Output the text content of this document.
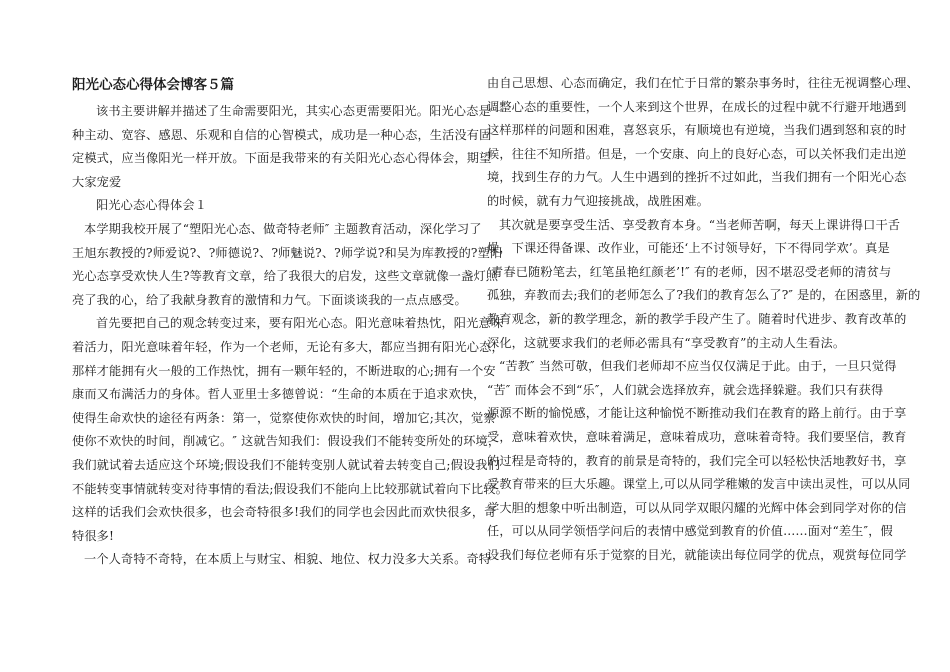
阳光心态心得体会博客５篇
该书主要讲解并描述了生命需要阳光，其实心态更需要阳光。阳光心态是一
种主动、宽容、感恩、乐观和自信的心智模式，成功是一种心态，生活没有固
定模式，应当像阳光一样开放。下面是我带来的有关阳光心态心得体会，期望
大家宠爱
阳光心态心得体会１
本学期我校开展了“塑阳光心态、做奇特老师″ 主题教育活动，深化学习了
王旭东教授的?师爱说?、?师德说?、?师魅说?、?师学说?和吴为库教授的?塑阳
光心态享受欢快人生?等教育文章，给了我很大的启发，这些文章就像一盏灯照
亮了我的心，给了我献身教育的激情和力气。下面谈谈我的一点点感受。
首先要把自己的观念转变过来，要有阳光心态。阳光意味着热忱，阳光意味
着活力，阳光意味着年轻，作为一个老师，无论有多大，都应当拥有阳光心态，
那样才能拥有火一般的工作热忱，拥有一颗年轻的，不断进取的心;拥有一个安
康而又布满活力的身体。哲人亚里士多德曾说：“生命的本质在于追求欢快，
使得生命欢快的途径有两条：第一，觉察使你欢快的时间，增加它;其次，觉察
使你不欢快的时间，削减它。″ 这就告知我们：假设我们不能转变所处的环境，
我们就试着去适应这个环境;假设我们不能转变别人就试着去转变自己;假设我们
不能转变事情就转变对待事情的看法;假设我们不能向上比较那就试着向下比较。
这样的话我们会欢快很多，也会奇特很多!我们的同学也会因此而欢快很多，奇
特很多!
一个人奇特不奇特，在本质上与财宝、相貌、地位、权力没多大关系。奇特
由自己思想、心态而确定，我们在忙于日常的繁杂事务时，往往无视调整心理、
调整心态的重要性，一个人来到这个世界，在成长的过程中就不行避开地遇到
这样那样的问题和困难，喜怒哀乐，有顺境也有逆境，当我们遇到怒和哀的时
候，往往不知所措。但是，一个安康、向上的良好心态，可以关怀我们走出逆
境，找到生存的力气。人生中遇到的挫折不过如此，当我们拥有一个阳光心态
的时候，就有力气迎接挑战，战胜困难。
其次就是要享受生活、享受教育本身。“当老师苦啊，每天上课讲得口干舌
燥，下课还得备课、改作业，可能还‘上不讨领导好，下不得同学欢’。真是
‘青春已随粉笔去，红笔虽艳红颜老’!″ 有的老师，因不堪忍受老师的清贫与
孤独，弃教而去;我们的老师怎么了?我们的教育怎么了?″ 是的，在困惑里，新的
教育观念，新的教学理念，新的教学手段产生了。随着时代进步、教育改革的
深化，这就要求我们的老师必需具有“享受教育”的主动人生看法。
“苦教″ 当然可敬，但我们老师却不应当仅仅满足于此。由于，一旦只觉得
“苦″ 而体会不到“乐″，人们就会选择放弃，就会选择躲避。我们只有获得
源源不断的愉悦感，才能让这种愉悦不断推动我们在教育的路上前行。由于享
受，意味着欢快，意味着满足，意味着成功，意味着奇特。我们要坚信，教育
的过程是奇特的，教育的前景是奇特的，我们完全可以轻松快活地教好书，享
受教育带来的巨大乐趣。课堂上,可以从同学稚嫩的发言中读出灵性，可以从同
学大胆的想象中听出制造，可以从同学双眼闪耀的光辉中体会到同学对你的信
任，可以从同学领悟学问后的表情中感觉到教育的价值……面对“差生″，假
设我们每位老师有乐于觉察的目光，就能读出每位同学的优点，观赏每位同学
